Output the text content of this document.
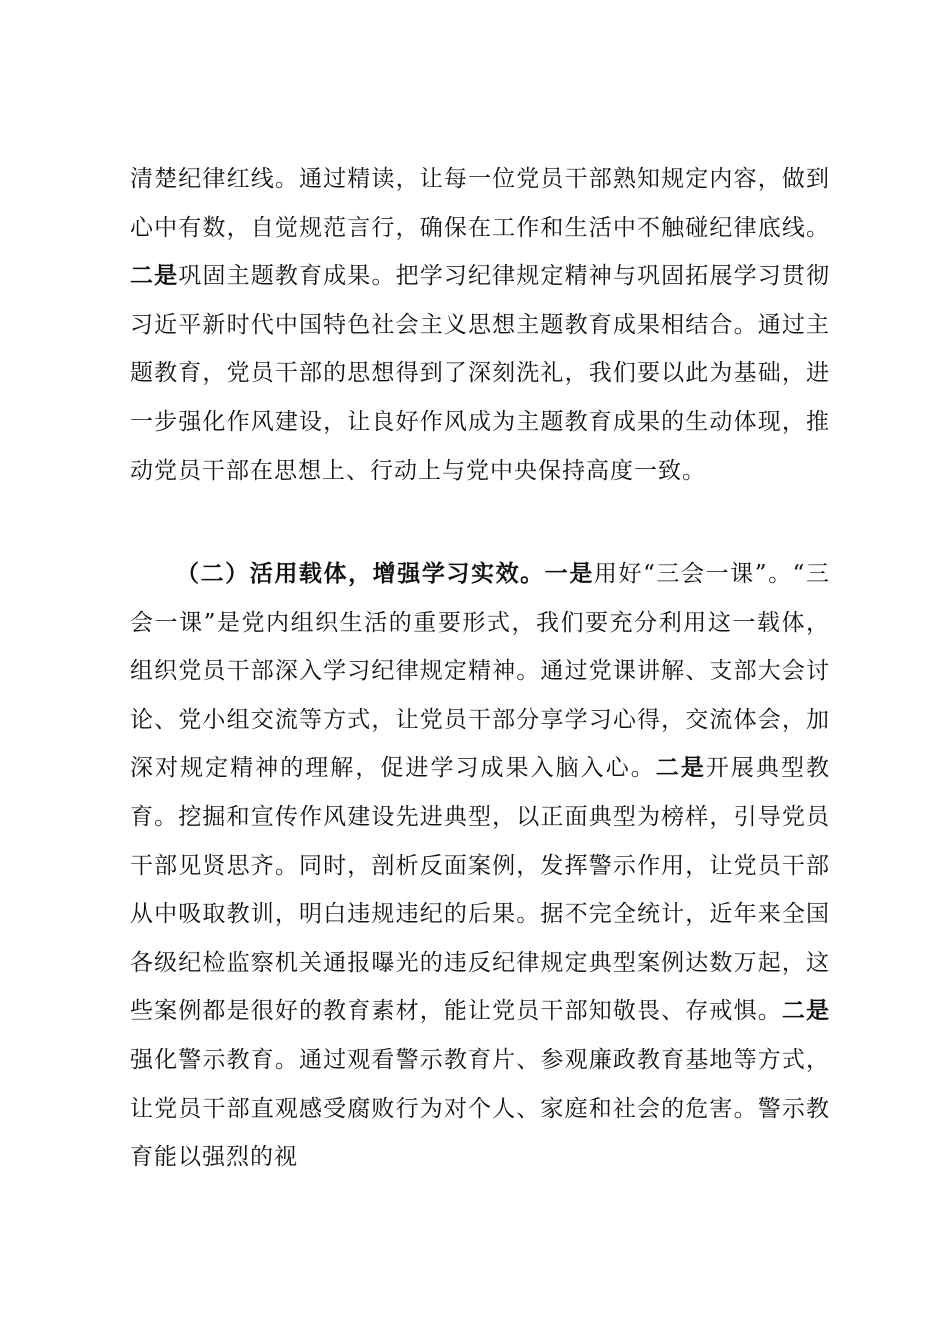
清楚纪律红线。通过精读，让每一位党员干部熟知规定内容，做到心中有数，自觉规范言行，确保在工作和生活中不触碰纪律底线。二是巩固主题教育成果。把学习纪律规定精神与巩固拓展学习贯彻习近平新时代中国特色社会主义思想主题教育成果相结合。通过主题教育，党员干部的思想得到了深刻洗礼，我们要以此为基础，进一步强化作风建设，让良好作风成为主题教育成果的生动体现，推动党员干部在思想上、行动上与党中央保持高度一致。

（二）活用载体，增强学习实效。一是用好“三会一课”。“三会一课”是党内组织生活的重要形式，我们要充分利用这一载体，组织党员干部深入学习纪律规定精神。通过党课讲解、支部大会讨论、党小组交流等方式，让党员干部分享学习心得，交流体会，加深对规定精神的理解，促进学习成果入脑入心。二是开展典型教育。挖掘和宣传作风建设先进典型，以正面典型为榜样，引导党员干部见贤思齐。同时，剖析反面案例，发挥警示作用，让党员干部从中吸取教训，明白违规违纪的后果。据不完全统计，近年来全国各级纪检监察机关通报曝光的违反纪律规定典型案例达数万起，这些案例都是很好的教育素材，能让党员干部知敬畏、存戒惧。二是强化警示教育。通过观看警示教育片、参观廉政教育基地等方式，让党员干部直观感受腐败行为对个人、家庭和社会的危害。警示教育能以强烈的视
